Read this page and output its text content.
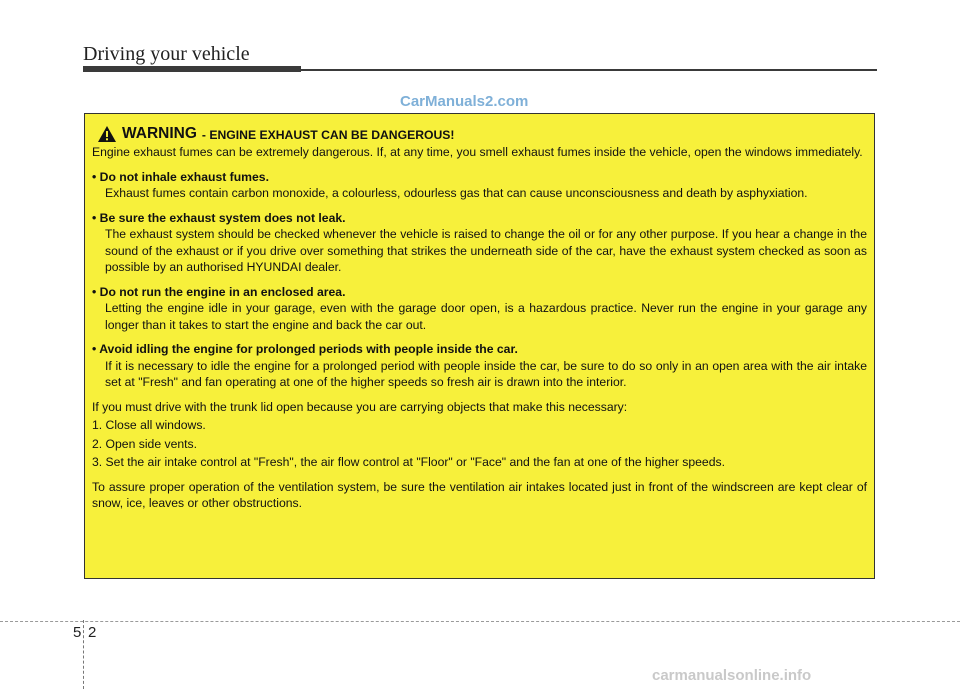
Driving your vehicle
CarManuals2.com
WARNING - ENGINE EXHAUST CAN BE DANGEROUS!

Engine exhaust fumes can be extremely dangerous. If, at any time, you smell exhaust fumes inside the vehicle, open the windows immediately.

• Do not inhale exhaust fumes.

Exhaust fumes contain carbon monoxide, a colourless, odourless gas that can cause unconsciousness and death by asphyxiation.

• Be sure the exhaust system does not leak.

The exhaust system should be checked whenever the vehicle is raised to change the oil or for any other purpose. If you hear a change in the sound of the exhaust or if you drive over something that strikes the underneath side of the car, have the exhaust system checked as soon as possible by an authorised HYUNDAI dealer.

• Do not run the engine in an enclosed area.

Letting the engine idle in your garage, even with the garage door open, is a hazardous practice. Never run the engine in your garage any longer than it takes to start the engine and back the car out.

• Avoid idling the engine for prolonged periods with people inside the car.

If it is necessary to idle the engine for a prolonged period with people inside the car, be sure to do so only in an open area with the air intake set at "Fresh" and fan operating at one of the higher speeds so fresh air is drawn into the interior.

If you must drive with the trunk lid open because you are carrying objects that make this necessary:

1. Close all windows.

2. Open side vents.

3. Set the air intake control at "Fresh", the air flow control at "Floor" or "Face" and the fan at one of the higher speeds.

To assure proper operation of the ventilation system, be sure the ventilation air intakes located just in front of the windscreen are kept clear of snow, ice, leaves or other obstructions.

5 2
carmanualsonline.info
